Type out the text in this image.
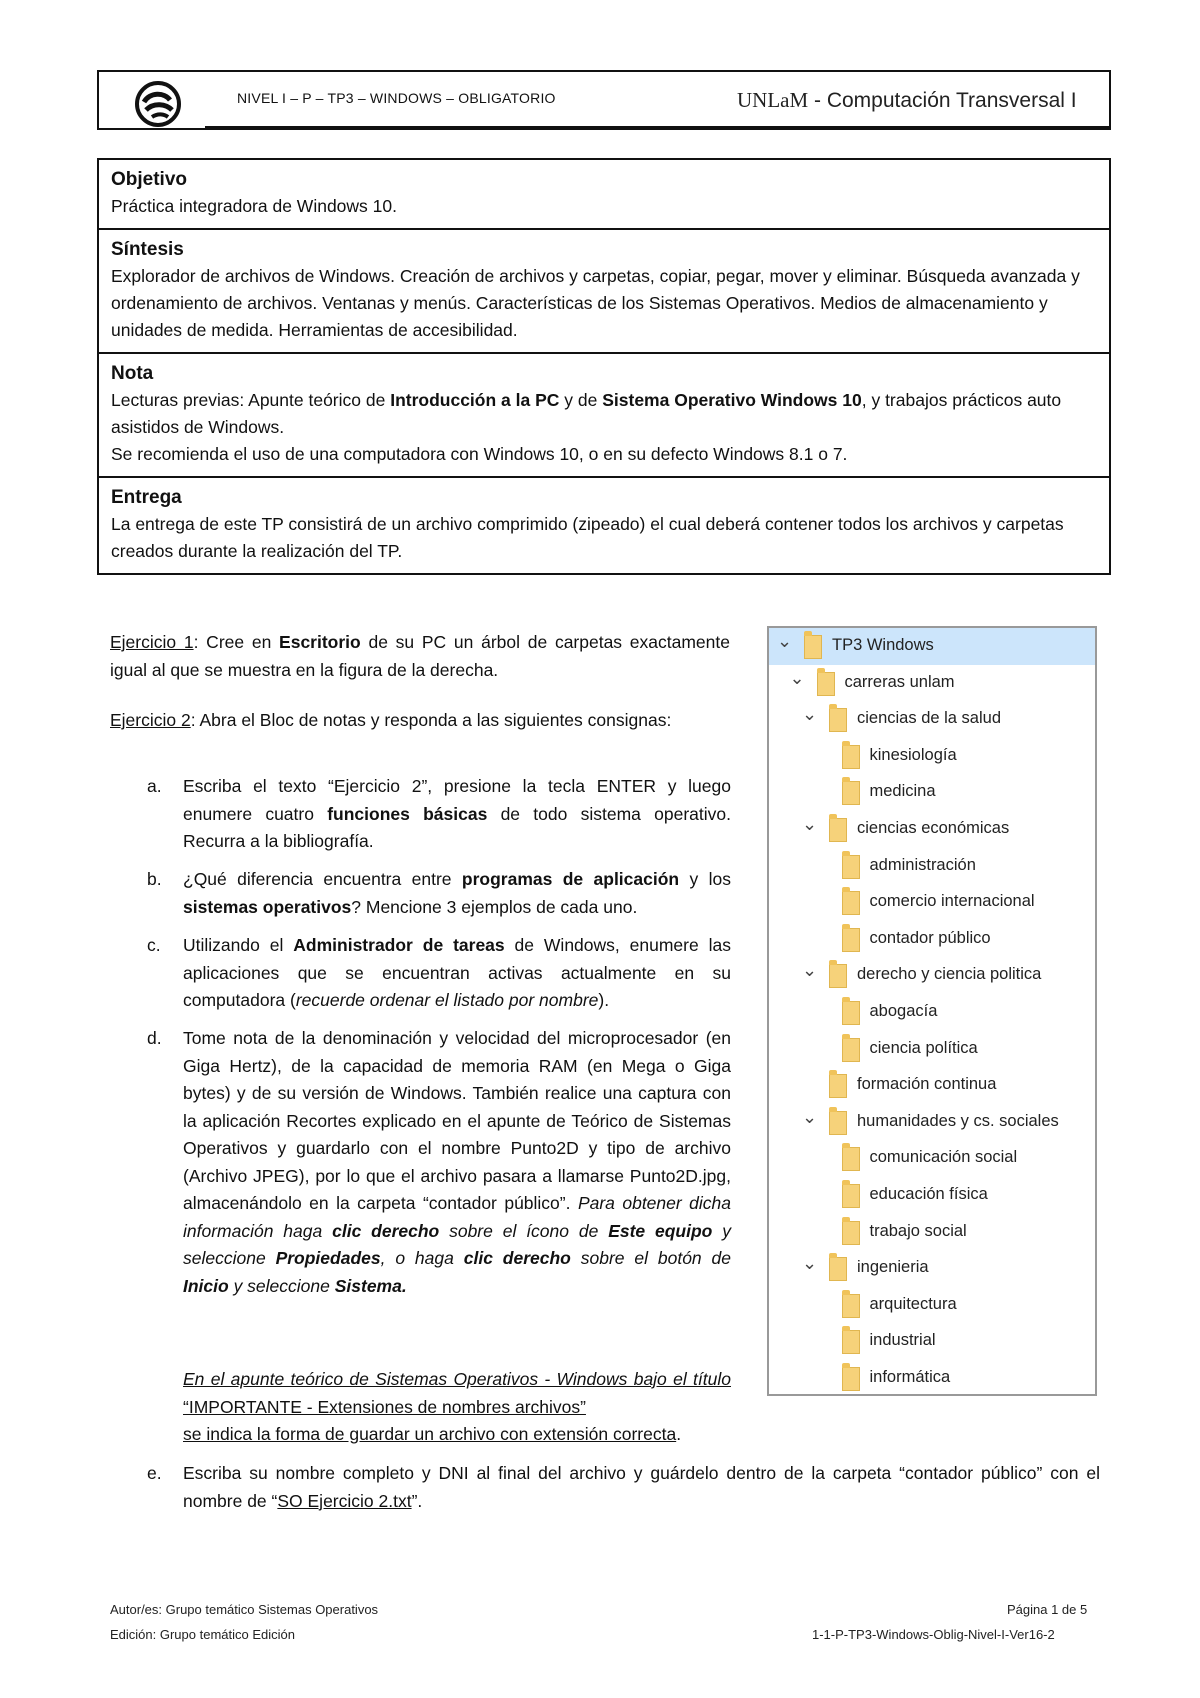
NIVEL I – P – TP3 – WINDOWS – OBLIGATORIO	UNLaM - Computación Transversal I
Objetivo

Práctica integradora de Windows 10.

Síntesis

Explorador de archivos de Windows. Creación de archivos y carpetas, copiar, pegar, mover y eliminar. Búsqueda avanzada y ordenamiento de archivos. Ventanas y menús. Características de los Sistemas Operativos. Medios de almacenamiento y unidades de medida. Herramientas de accesibilidad.

Nota

Lecturas previas: Apunte teórico de Introducción a la PC y de Sistema Operativo Windows 10, y trabajos prácticos auto asistidos de Windows.

Se recomienda el uso de una computadora con Windows 10, o en su defecto Windows 8.1 o 7.

Entrega

La entrega de este TP consistirá de un archivo comprimido (zipeado) el cual deberá contener todos los archivos y carpetas creados durante la realización del TP.

Ejercicio 1: Cree en Escritorio de su PC un árbol de carpetas exactamente igual al que se muestra en la figura de la derecha.
Ejercicio 2: Abra el Bloc de notas y responda a las siguientes consignas:
a. Escriba el texto “Ejercicio 2”, presione la tecla ENTER y luego enumere cuatro funciones básicas de todo sistema operativo. Recurra a la bibliografía.
b. ¿Qué diferencia encuentra entre programas de aplicación y los sistemas operativos? Mencione 3 ejemplos de cada uno.
c. Utilizando el Administrador de tareas de Windows, enumere las aplicaciones que se encuentran activas actualmente en su computadora (recuerde ordenar el listado por nombre).
d. Tome nota de la denominación y velocidad del microprocesador (en Giga Hertz), de la capacidad de memoria RAM (en Mega o Giga bytes) y de su versión de Windows. También realice una captura con la aplicación Recortes explicado en el apunte de Teórico de Sistemas Operativos y guardarlo con el nombre Punto2D y tipo de archivo (Archivo JPEG), por lo que el archivo pasara a llamarse Punto2D.jpg, almacenándolo en la carpeta “contador público”. Para obtener dicha información haga clic derecho sobre el ícono de Este equipo y seleccione Propiedades, o haga clic derecho sobre el botón de Inicio y seleccione Sistema.
En el apunte teórico de Sistemas Operativos - Windows bajo el título “IMPORTANTE - Extensiones de nombres archivos”
se indica la forma de guardar un archivo con extensión correcta.
e. Escriba su nombre completo y DNI al final del archivo y guárdelo dentro de la carpeta “contador público” con el nombre de “SO Ejercicio 2.txt”.
⌄ TP3 Windows
⌄ carreras unlam
⌄ ciencias de la salud
kinesiología
medicina
⌄ ciencias económicas
administración
comercio internacional
contador público
⌄ derecho y ciencia politica
abogacía
ciencia política
formación continua
⌄ humanidades y cs. sociales
comunicación social
educación física
trabajo social
⌄ ingenieria
arquitectura
industrial
informática
Autor/es: Grupo temático Sistemas Operativos
Edición: Grupo temático Edición
Página 1 de 5
1-1-P-TP3-Windows-Oblig-Nivel-I-Ver16-2
